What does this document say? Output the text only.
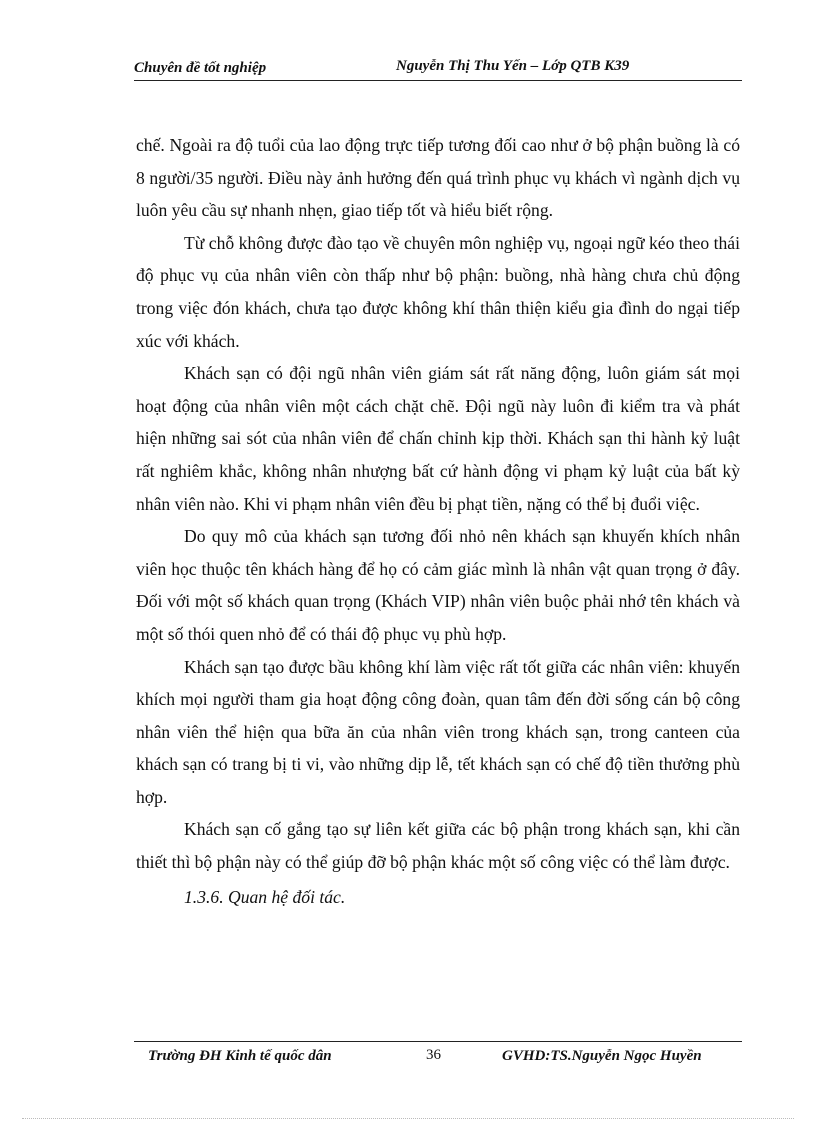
Chuyên đề tốt nghiệp	Nguyễn Thị Thu Yến – Lớp QTB K39

chế. Ngoài ra độ tuổi của lao động trực tiếp tương đối cao như ở bộ phận buồng là có 8 người/35 người. Điều này ảnh hưởng đến quá trình phục vụ khách vì ngành dịch vụ luôn yêu cầu sự nhanh nhẹn, giao tiếp tốt và hiểu biết rộng.

Từ chỗ không được đào tạo về chuyên môn nghiệp vụ, ngoại ngữ kéo theo thái độ phục vụ của nhân viên còn thấp như bộ phận: buồng, nhà hàng chưa chủ động trong việc đón khách, chưa tạo được không khí thân thiện kiểu gia đình do ngại tiếp xúc với khách.

Khách sạn có đội ngũ nhân viên giám sát rất năng động, luôn giám sát mọi hoạt động của nhân viên một cách chặt chẽ. Đội ngũ này luôn đi kiểm tra và phát hiện những sai sót của nhân viên để chấn chỉnh kịp thời. Khách sạn thi hành kỷ luật rất nghiêm khắc, không nhân nhượng bất cứ hành động vi phạm kỷ luật của bất kỳ nhân viên nào. Khi vi phạm nhân viên đều bị phạt tiền, nặng có thể bị đuổi việc.

Do quy mô của khách sạn tương đối nhỏ nên khách sạn khuyến khích nhân viên học thuộc tên khách hàng để họ có cảm giác mình là nhân vật quan trọng ở đây. Đối với một số khách quan trọng (Khách VIP) nhân viên buộc phải nhớ tên khách và một số thói quen nhỏ để có thái độ phục vụ phù hợp.

Khách sạn tạo được bầu không khí làm việc rất tốt giữa các nhân viên: khuyến khích mọi người tham gia hoạt động công đoàn, quan tâm đến đời sống cán bộ công nhân viên thể hiện qua bữa ăn của nhân viên trong khách sạn, trong canteen của khách sạn có trang bị ti vi, vào những dịp lễ, tết khách sạn có chế độ tiền thưởng phù hợp.

Khách sạn cố gắng tạo sự liên kết giữa các bộ phận trong khách sạn, khi cần thiết thì bộ phận này có thể giúp đỡ bộ phận khác một số công việc có thể làm được.

1.3.6. Quan hệ đối tác.

Trường ĐH Kinh tế quốc dân	36	GVHD:TS.Nguyễn Ngọc Huyền
